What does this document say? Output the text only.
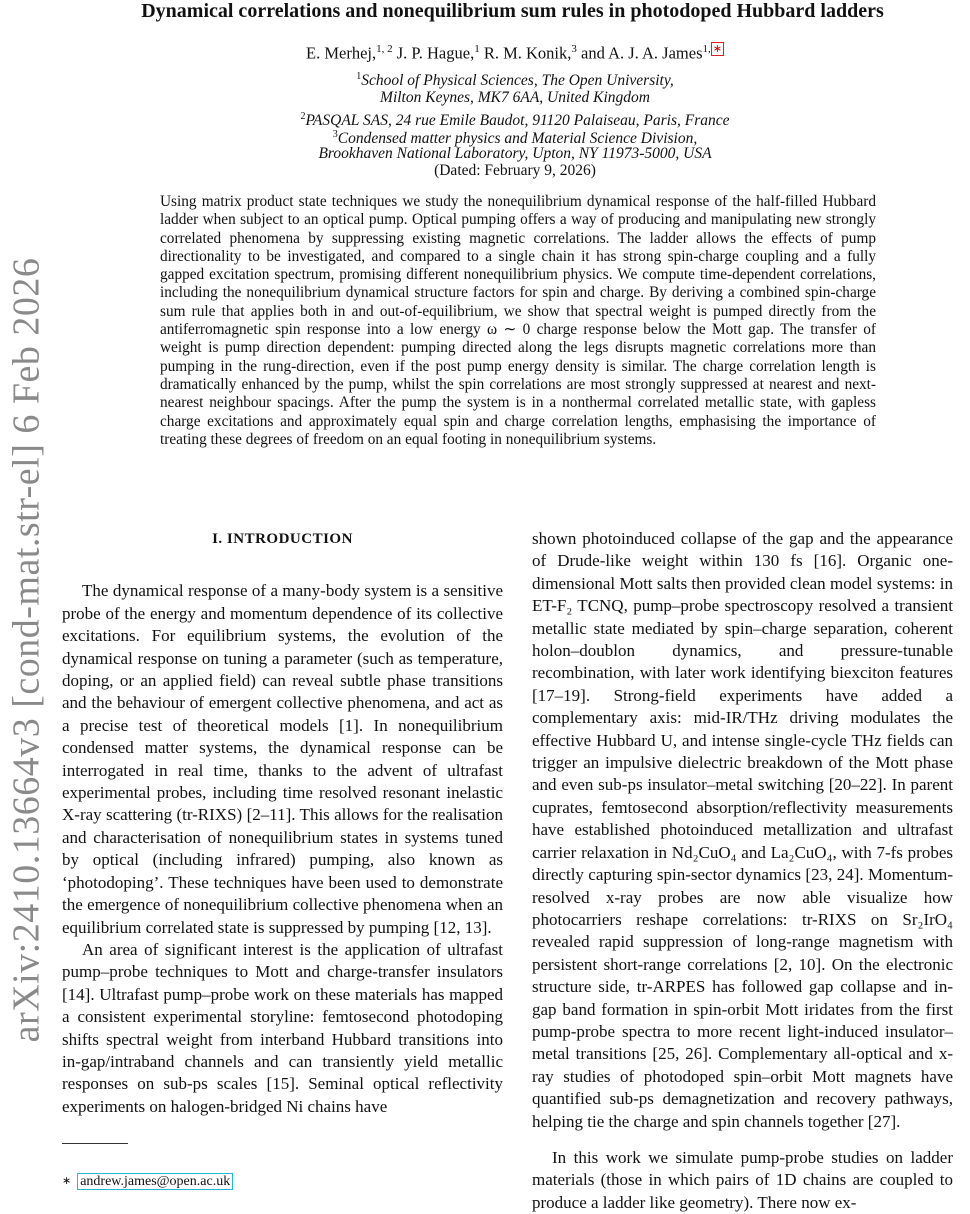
arXiv:2410.13664v3 [cond-mat.str-el] 6 Feb 2026
Dynamical correlations and nonequilibrium sum rules in photodoped Hubbard ladders
E. Merhej,$^{1, 2}$ J. P. Hague,$^1$ R. M. Konik,$^3$ and A. J. A. James$^{1, ∗}$
$^1$School of Physical Sciences, The Open University,
Milton Keynes, MK7 6AA, United Kingdom
$^2$PASQAL SAS, 24 rue Emile Baudot, 91120 Palaiseau, Paris, France
$^3$Condensed matter physics and Material Science Division,
Brookhaven National Laboratory, Upton, NY 11973-5000, USA
(Dated: February 9, 2026)
Using matrix product state techniques we study the nonequilibrium dynamical response of the half-filled Hubbard ladder when subject to an optical pump. Optical pumping offers a way of producing and manipulating new strongly correlated phenomena by suppressing existing magnetic correlations. The ladder allows the effects of pump directionality to be investigated, and compared to a single chain it has strong spin-charge coupling and a fully gapped excitation spectrum, promising different nonequilibrium physics. We compute time-dependent correlations, including the nonequilibrium dynamical structure factors for spin and charge. By deriving a combined spin-charge sum rule that applies both in and out-of-equilibrium, we show that spectral weight is pumped directly from the antiferromagnetic spin response into a low energy ω ∼ 0 charge response below the Mott gap. The transfer of weight is pump direction dependent: pumping directed along the legs disrupts magnetic correlations more than pumping in the rung-direction, even if the post pump energy density is similar. The charge correlation length is dramatically enhanced by the pump, whilst the spin correlations are most strongly suppressed at nearest and next-nearest neighbour spacings. After the pump the system is in a nonthermal correlated metallic state, with gapless charge excitations and approximately equal spin and charge correlation lengths, emphasising the importance of treating these degrees of freedom on an equal footing in nonequilibrium systems.
I. INTRODUCTION

The dynamical response of a many-body system is a sensitive probe of the energy and momentum dependence of its collective excitations. For equilibrium systems, the evolution of the dynamical response on tuning a parameter (such as temperature, doping, or an applied field) can reveal subtle phase transitions and the behaviour of emergent collective phenomena, and act as a precise test of theoretical models [1]. In nonequilibrium condensed matter systems, the dynamical response can be interrogated in real time, thanks to the advent of ultrafast experimental probes, including time resolved resonant inelastic X-ray scattering (tr-RIXS) [2–11]. This allows for the realisation and characterisation of nonequilibrium states in systems tuned by optical (including infrared) pumping, also known as ‘photodoping’. These techniques have been used to demonstrate the emergence of nonequilibrium collective phenomena when an equilibrium correlated state is suppressed by pumping [12, 13].

An area of significant interest is the application of ultrafast pump–probe techniques to Mott and charge-transfer insulators [14]. Ultrafast pump–probe work on these materials has mapped a consistent experimental storyline: femtosecond photodoping shifts spectral weight from interband Hubbard transitions into in-gap/intraband channels and can transiently yield metallic responses on sub-ps scales [15]. Seminal optical reflectivity experiments on halogen-bridged Ni chains have

shown photoinduced collapse of the gap and the appearance of Drude-like weight within 130 fs [16]. Organic one-dimensional Mott salts then provided clean model systems: in ET-F₂ TCNQ, pump–probe spectroscopy resolved a transient metallic state mediated by spin–charge separation, coherent holon–doublon dynamics, and pressure-tunable recombination, with later work identifying biexciton features [17–19]. Strong-field experiments have added a complementary axis: mid-IR/THz driving modulates the effective Hubbard U, and intense single-cycle THz fields can trigger an impulsive dielectric breakdown of the Mott phase and even sub-ps insulator–metal switching [20–22]. In parent cuprates, femtosecond absorption/reflectivity measurements have established photoinduced metallization and ultrafast carrier relaxation in Nd₂CuO₄ and La₂CuO₄, with 7-fs probes directly capturing spin-sector dynamics [23, 24]. Momentum-resolved x-ray probes are now able visualize how photocarriers reshape correlations: tr-RIXS on Sr₂IrO₄ revealed rapid suppression of long-range magnetism with persistent short-range correlations [2, 10]. On the electronic structure side, tr-ARPES has followed gap collapse and in-gap band formation in spin-orbit Mott iridates from the first pump-probe spectra to more recent light-induced insulator–metal transitions [25, 26]. Complementary all-optical and x-ray studies of photodoped spin–orbit Mott magnets have quantified sub-ps demagnetization and recovery pathways, helping tie the charge and spin channels together [27].

In this work we simulate pump-probe studies on ladder materials (those in which pairs of 1D chains are coupled to produce a ladder like geometry). There now ex-

∗ andrew.james@open.ac.uk
